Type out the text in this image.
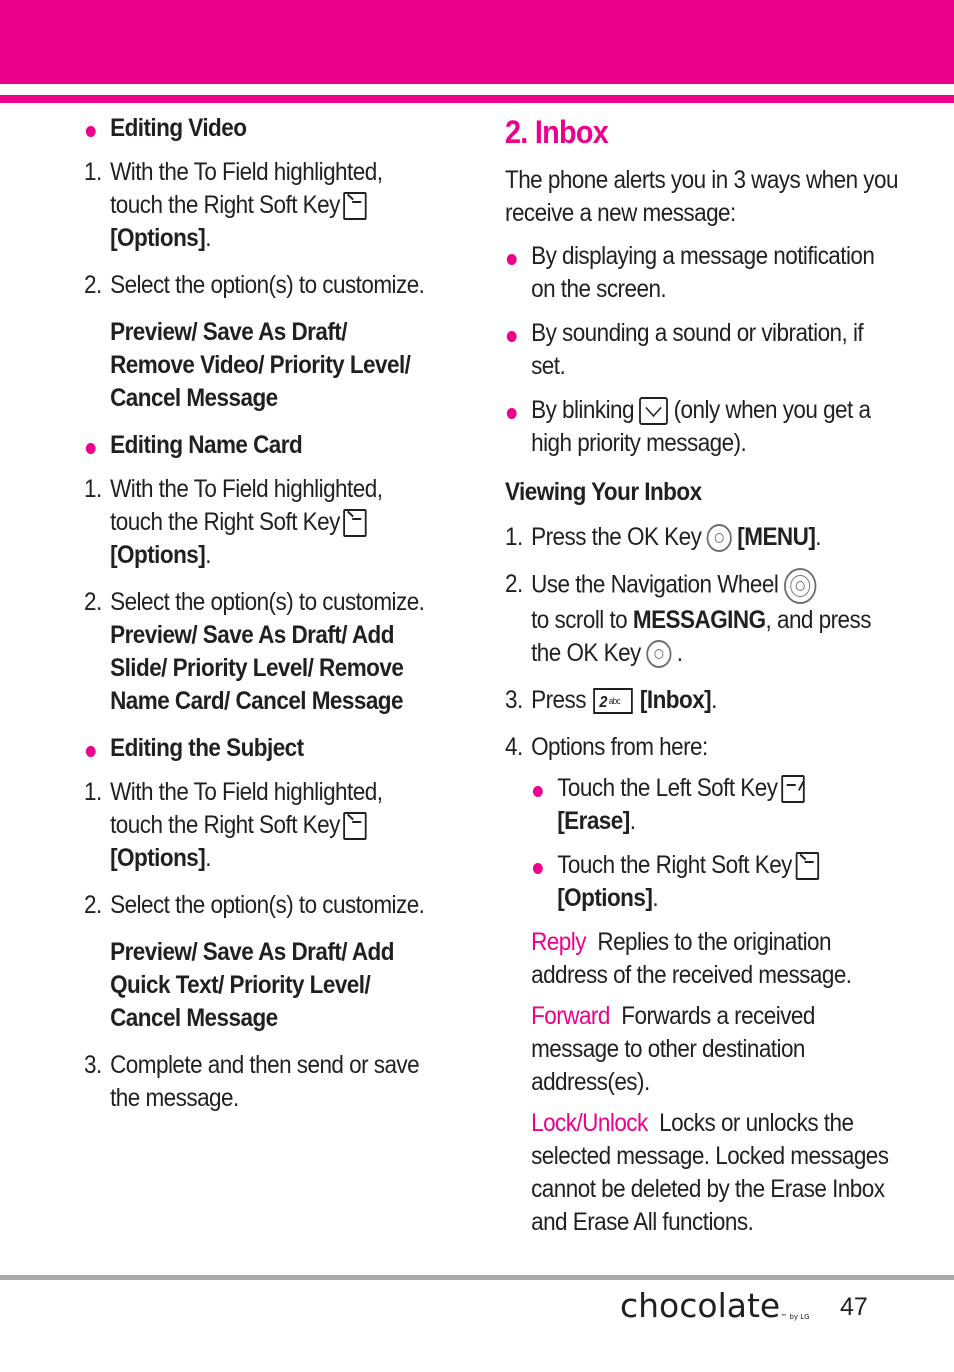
Editing Video
1. With the To Field highlighted,
touch the Right Soft Key
[Options].
2. Select the option(s) to customize.
Preview/ Save As Draft/ Remove Video/ Priority Level/ Cancel Message
Editing Name Card
1. With the To Field highlighted,
touch the Right Soft Key
[Options].
2. Select the option(s) to customize.
Preview/ Save As Draft/ Add Slide/ Priority Level/ Remove Name Card/ Cancel Message
Editing the Subject
1. With the To Field highlighted,
touch the Right Soft Key
[Options].
2. Select the option(s) to customize.
Preview/ Save As Draft/ Add Quick Text/ Priority Level/ Cancel Message
3. Complete and then send or save the message.
2. Inbox
The phone alerts you in 3 ways when you receive a new message:
By displaying a message notification on the screen.
By sounding a sound or vibration, if set.
By blinking (only when you get a high priority message).
Viewing Your Inbox
1. Press the OK Key [MENU].
2. Use the Navigation Wheel
to scroll to MESSAGING, and press the OK Key .
3. Press 2 abc [Inbox].
4. Options from here:
Touch the Left Soft Key
[Erase].
Touch the Right Soft Key
[Options].
Reply Replies to the origination address of the received message.
Forward Forwards a received message to other destination address(es).
Lock/Unlock Locks or unlocks the selected message. Locked messages cannot be deleted by the Erase Inbox and Erase All functions.
chocolate™ by LG 47
